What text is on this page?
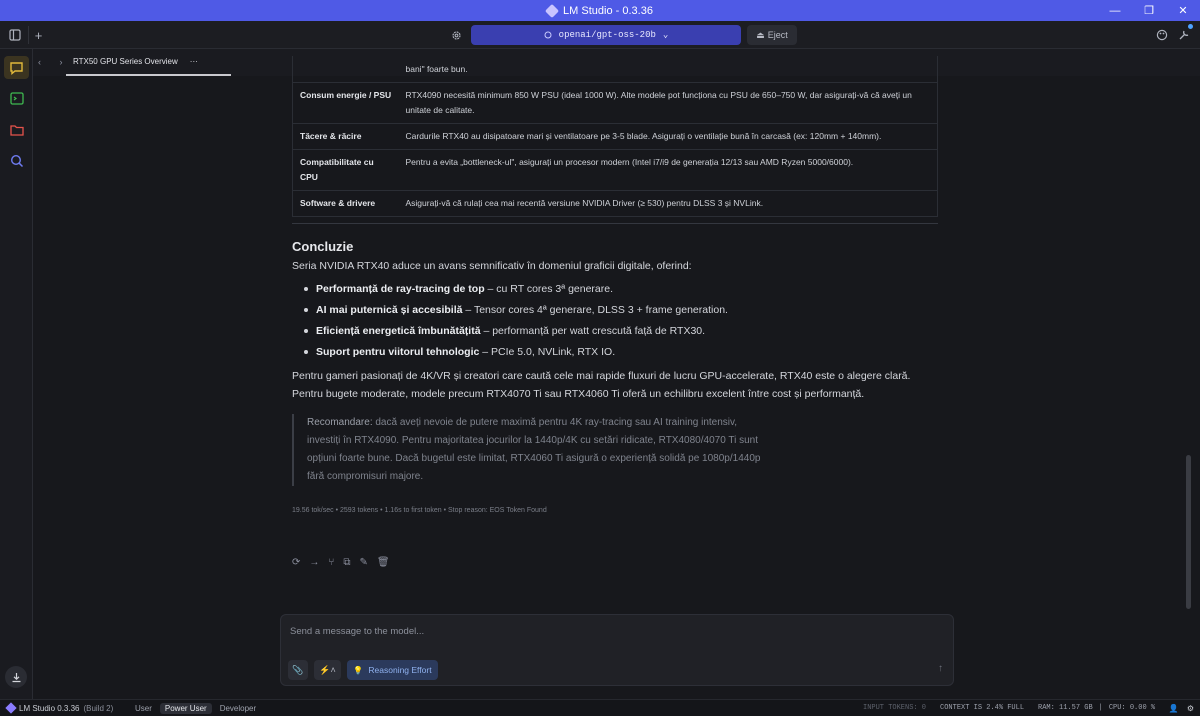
LM Studio - 0.3.36	—	❐	✕
+	openai/gpt-oss-20b ⌄	⏏ Eject
‹ › RTX50 GPU Series Overview ···
	bani" foarte bun.
Consum energie / PSU	RTX4090 necesită minimum 850 W PSU (ideal 1000 W). Alte modele pot funcționa cu PSU de 650–750 W, dar asigurați-vă că aveți un unitate de calitate.
Tăcere & răcire	Cardurile RTX40 au disipatoare mari și ventilatoare pe 3-5 blade. Asigurați o ventilație bună în carcasă (ex: 120mm + 140mm).
Compatibilitate cu CPU	Pentru a evita „bottleneck-ul", asigurați un procesor modern (Intel i7/i9 de generația 12/13 sau AMD Ryzen 5000/6000).
Software & drivere	Asigurați-vă că rulați cea mai recentă versiune NVIDIA Driver (≥ 530) pentru DLSS 3 și NVLink.
Concluzie
Seria NVIDIA RTX40 aduce un avans semnificativ în domeniul graficii digitale, oferind:
Performanță de ray-tracing de top – cu RT cores 3ª generare.
AI mai puternică și accesibilă – Tensor cores 4ª generare, DLSS 3 + frame generation.
Eficiență energetică îmbunătățită – performanță per watt crescută față de RTX30.
Suport pentru viitorul tehnologic – PCIe 5.0, NVLink, RTX IO.
Pentru gameri pasionați de 4K/VR și creatori care caută cele mai rapide fluxuri de lucru GPU-accelerate, RTX40 este o alegere clară. Pentru bugete moderate, modele precum RTX4070 Ti sau RTX4060 Ti oferă un echilibru excelent între cost și performanță.
Recomandare: dacă aveți nevoie de putere maximă pentru 4K ray-tracing sau AI training intensiv, investiți în RTX4090. Pentru majoritatea jocurilor la 1440p/4K cu setări ridicate, RTX4080/4070 Ti sunt opțiuni foarte bune. Dacă bugetul este limitat, RTX4060 Ti asigură o experiență solidă pe 1080p/1440p fără compromisuri majore.
19.56 tok/sec • 2593 tokens • 1.16s to first token • Stop reason: EOS Token Found
⟳ → ⑂ ⧉ ✎ 🗑
Send a message to the model...
📎	⚡˄	💡 Reasoning Effort	↑
LM Studio 0.3.36 (Build 2)	User	Power User	Developer	INPUT TOKENS: 0 CONTEXT IS 2.4% FULL RAM: 11.57 GB | CPU: 0.00 % 👤 ⚙
